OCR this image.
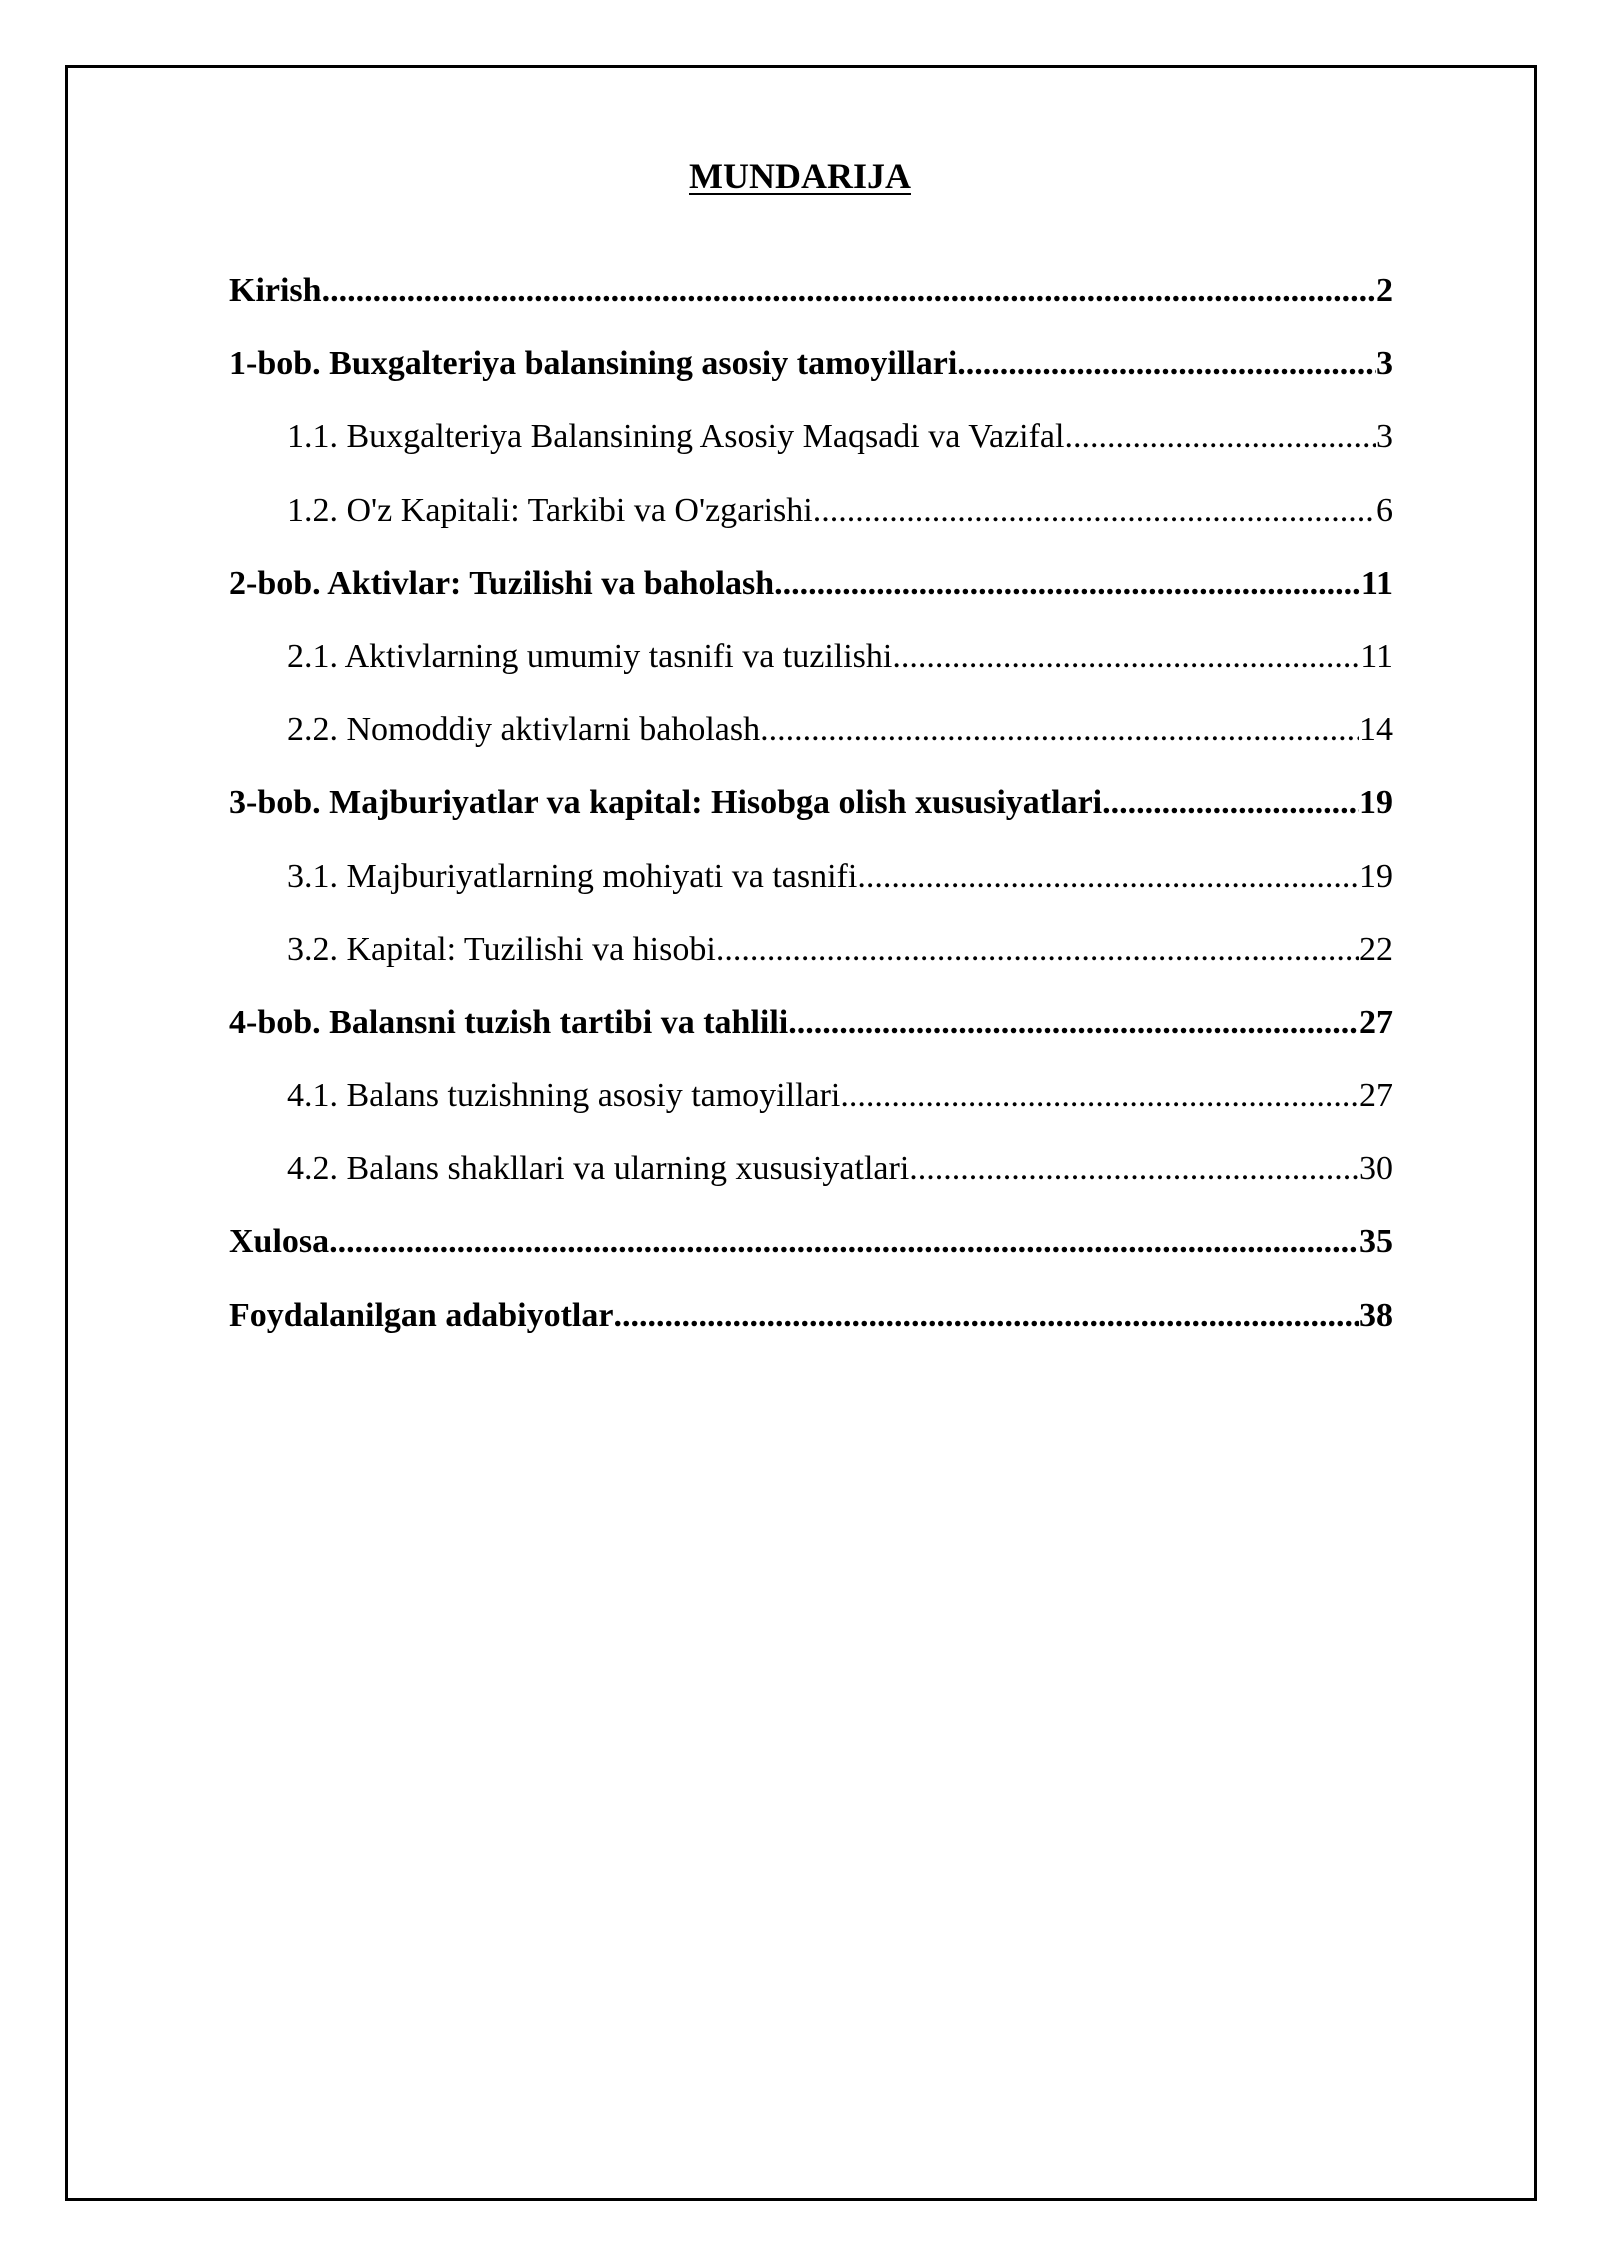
MUNDARIJA
Kirish .....	2
1-bob. Buxgalteriya balansining asosiy tamoyillari .....	3
1.1. Buxgalteriya Balansining Asosiy Maqsadi va Vazifal .....	3
1.2. O'z Kapitali: Tarkibi va O'zgarishi .....	6
2-bob. Aktivlar: Tuzilishi va baholash .....	11
2.1. Aktivlarning umumiy tasnifi va tuzilishi .....	11
2.2. Nomoddiy aktivlarni baholash .....	14
3-bob. Majburiyatlar va kapital: Hisobga olish xususiyatlari .....	19
3.1. Majburiyatlarning mohiyati va tasnifi .....	19
3.2. Kapital: Tuzilishi va hisobi .....	22
4-bob. Balansni tuzish tartibi va tahlili .....	27
4.1. Balans tuzishning asosiy tamoyillari .....	27
4.2. Balans shakllari va ularning xususiyatlari .....	30
Xulosa .....	35
Foydalanilgan adabiyotlar .....	38
